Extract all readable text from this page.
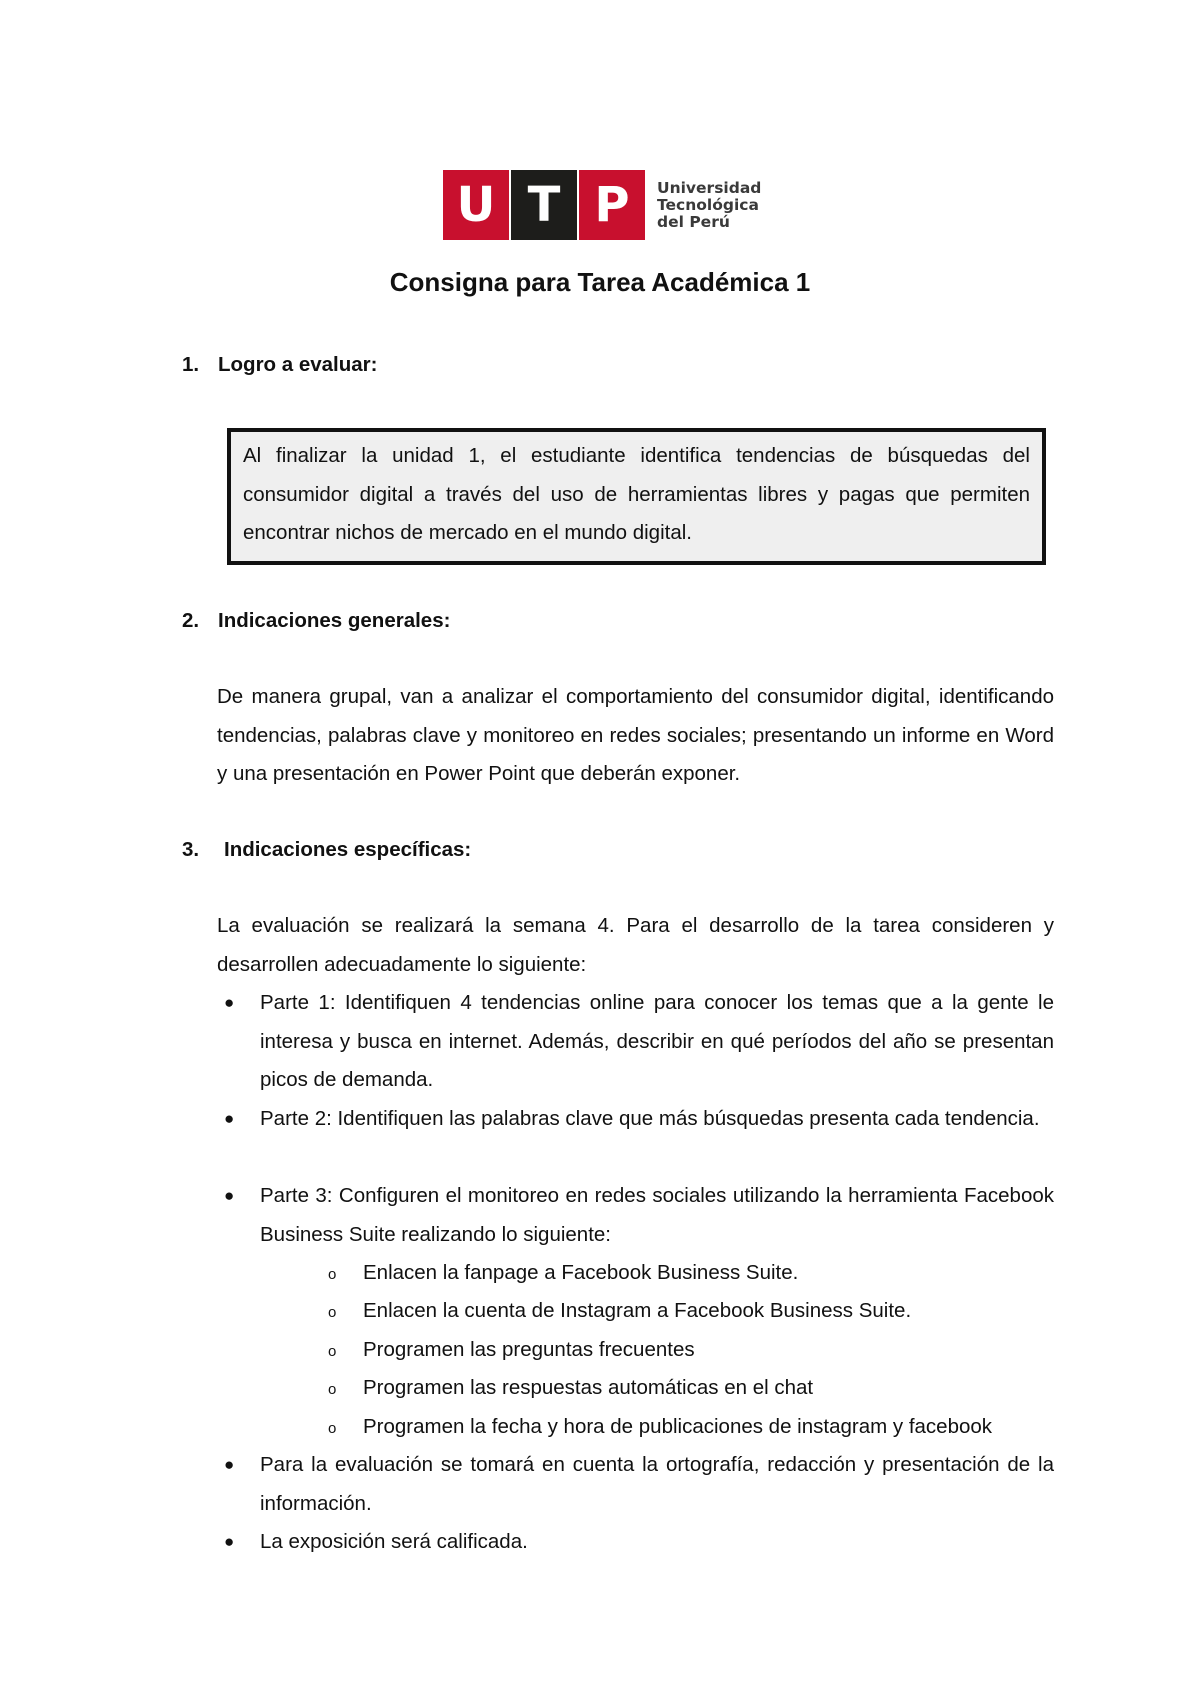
U T P	Universidad
Tecnológica
del Perú
Consigna para Tarea Académica 1
1. Logro a evaluar:
Al finalizar la unidad 1, el estudiante identifica tendencias de búsquedas del consumidor digital a través del uso de herramientas libres y pagas que permiten encontrar nichos de mercado en el mundo digital.
2. Indicaciones generales:

De manera grupal, van a analizar el comportamiento del consumidor digital, identificando tendencias, palabras clave y monitoreo en redes sociales; presentando un informe en Word y una presentación en Power Point que deberán exponer.

3. Indicaciones específicas:

La evaluación se realizará la semana 4. Para el desarrollo de la tarea consideren y desarrollen adecuadamente lo siguiente:

●	Parte 1: Identifiquen 4 tendencias online para conocer los temas que a la gente le interesa y busca en internet. Además, describir en qué períodos del año se presentan picos de demanda.
●	Parte 2: Identifiquen las palabras clave que más búsquedas presenta cada tendencia.
●	Parte 3: Configuren el monitoreo en redes sociales utilizando la herramienta Facebook Business Suite realizando lo siguiente:
o Enlacen la fanpage a Facebook Business Suite.
o Enlacen la cuenta de Instagram a Facebook Business Suite.
o Programen las preguntas frecuentes
o Programen las respuestas automáticas en el chat
o Programen la fecha y hora de publicaciones de instagram y facebook
●	Para la evaluación se tomará en cuenta la ortografía, redacción y presentación de la información.
●	La exposición será calificada.
